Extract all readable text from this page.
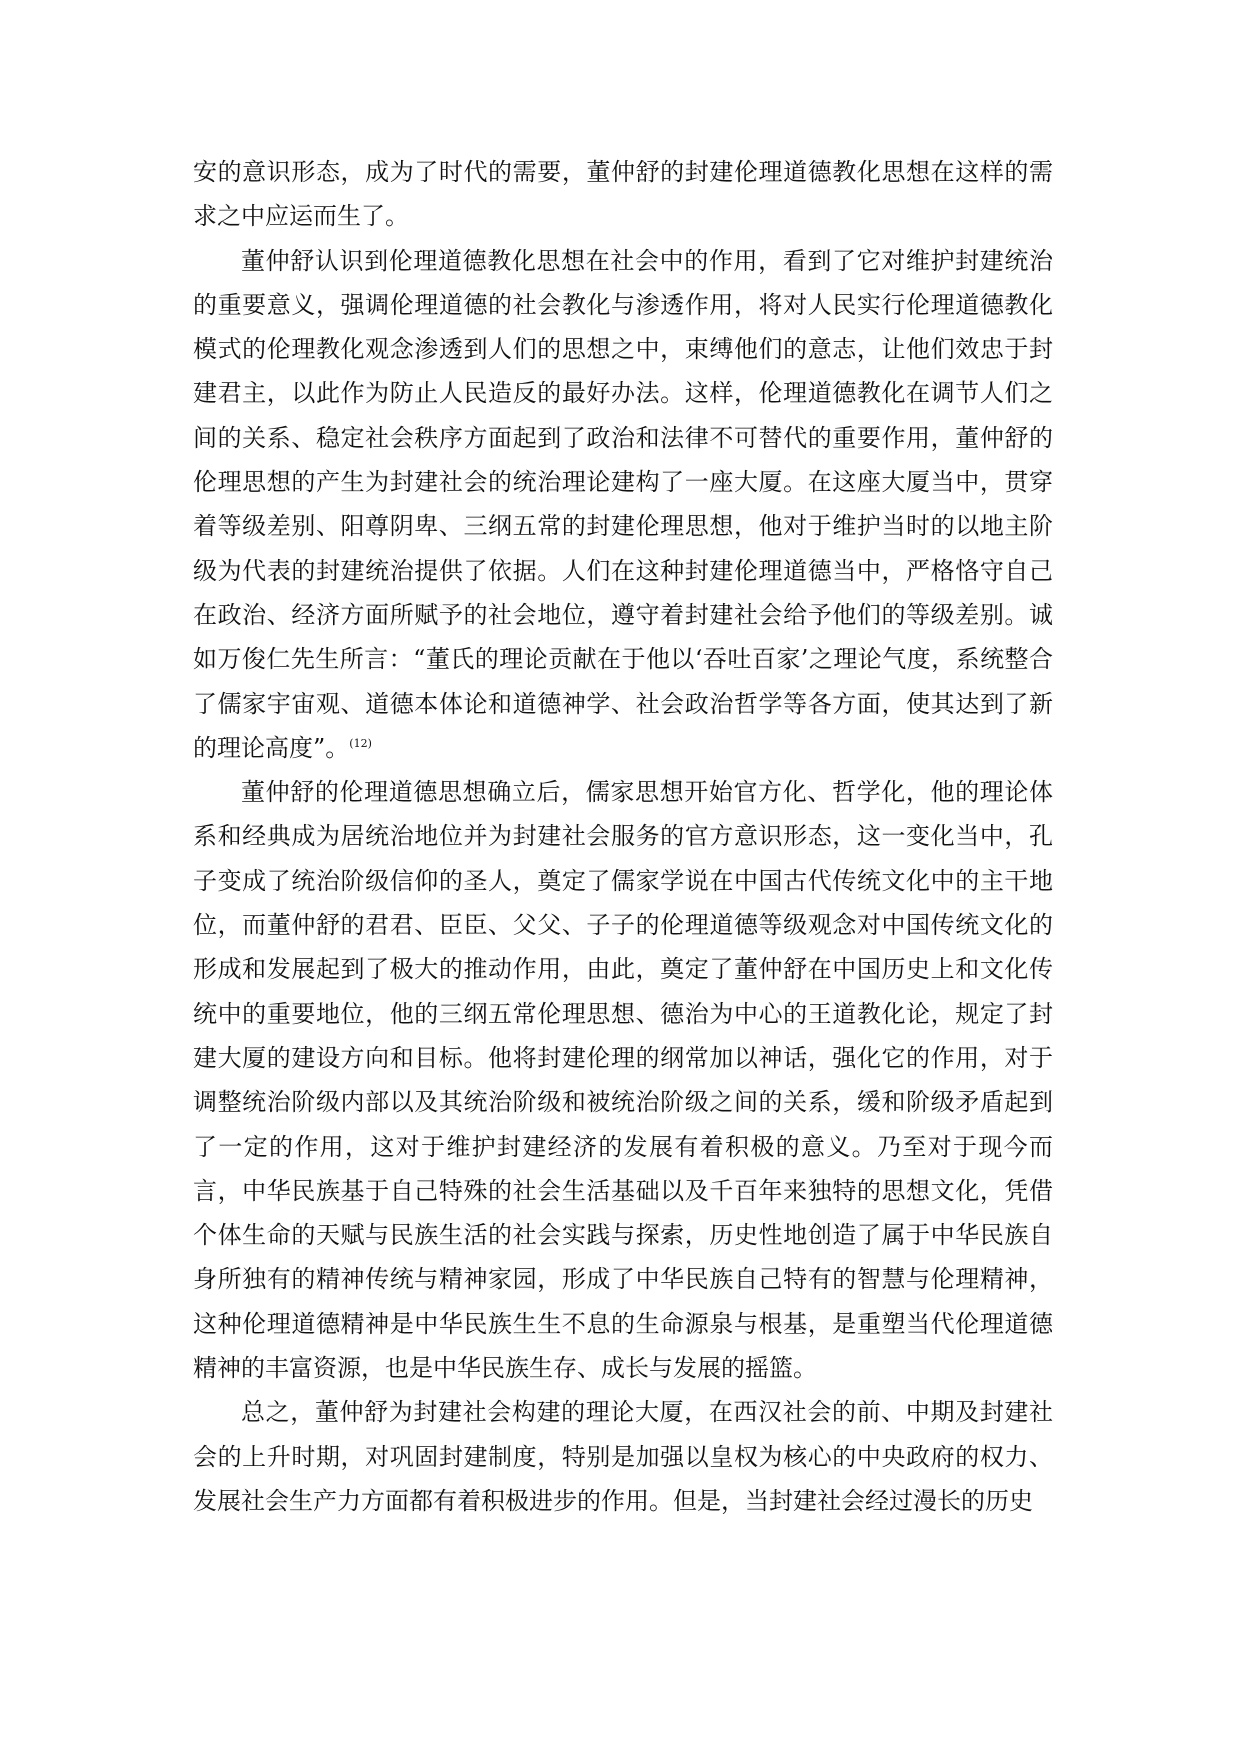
安的意识形态，成为了时代的需要，董仲舒的封建伦理道德教化思想在这样的需求之中应运而生了。

董仲舒认识到伦理道德教化思想在社会中的作用，看到了它对维护封建统治的重要意义，强调伦理道德的社会教化与渗透作用，将对人民实行伦理道德教化模式的伦理教化观念渗透到人们的思想之中，束缚他们的意志，让他们效忠于封建君主，以此作为防止人民造反的最好办法。这样，伦理道德教化在调节人们之间的关系、稳定社会秩序方面起到了政治和法律不可替代的重要作用，董仲舒的伦理思想的产生为封建社会的统治理论建构了一座大厦。在这座大厦当中，贯穿着等级差别、阳尊阴卑、三纲五常的封建伦理思想，他对于维护当时的以地主阶级为代表的封建统治提供了依据。人们在这种封建伦理道德当中，严格恪守自己在政治、经济方面所赋予的社会地位，遵守着封建社会给予他们的等级差别。诚如万俊仁先生所言：“董氏的理论贡献在于他以‘吞吐百家’之理论气度，系统整合了儒家宇宙观、道德本体论和道德神学、社会政治哲学等各方面，使其达到了新的理论高度”。$^{(12)}$

董仲舒的伦理道德思想确立后，儒家思想开始官方化、哲学化，他的理论体系和经典成为居统治地位并为封建社会服务的官方意识形态，这一变化当中，孔子变成了统治阶级信仰的圣人，奠定了儒家学说在中国古代传统文化中的主干地位，而董仲舒的君君、臣臣、父父、子子的伦理道德等级观念对中国传统文化的形成和发展起到了极大的推动作用，由此，奠定了董仲舒在中国历史上和文化传统中的重要地位，他的三纲五常伦理思想、德治为中心的王道教化论，规定了封建大厦的建设方向和目标。他将封建伦理的纲常加以神话，强化它的作用，对于调整统治阶级内部以及其统治阶级和被统治阶级之间的关系，缓和阶级矛盾起到了一定的作用，这对于维护封建经济的发展有着积极的意义。乃至对于现今而言，中华民族基于自己特殊的社会生活基础以及千百年来独特的思想文化，凭借个体生命的天赋与民族生活的社会实践与探索，历史性地创造了属于中华民族自身所独有的精神传统与精神家园，形成了中华民族自己特有的智慧与伦理精神，这种伦理道德精神是中华民族生生不息的生命源泉与根基，是重塑当代伦理道德精神的丰富资源，也是中华民族生存、成长与发展的摇篮。

总之，董仲舒为封建社会构建的理论大厦，在西汉社会的前、中期及封建社会的上升时期，对巩固封建制度，特别是加强以皇权为核心的中央政府的权力、发展社会生产力方面都有着积极进步的作用。但是，当封建社会经过漫长的历史
